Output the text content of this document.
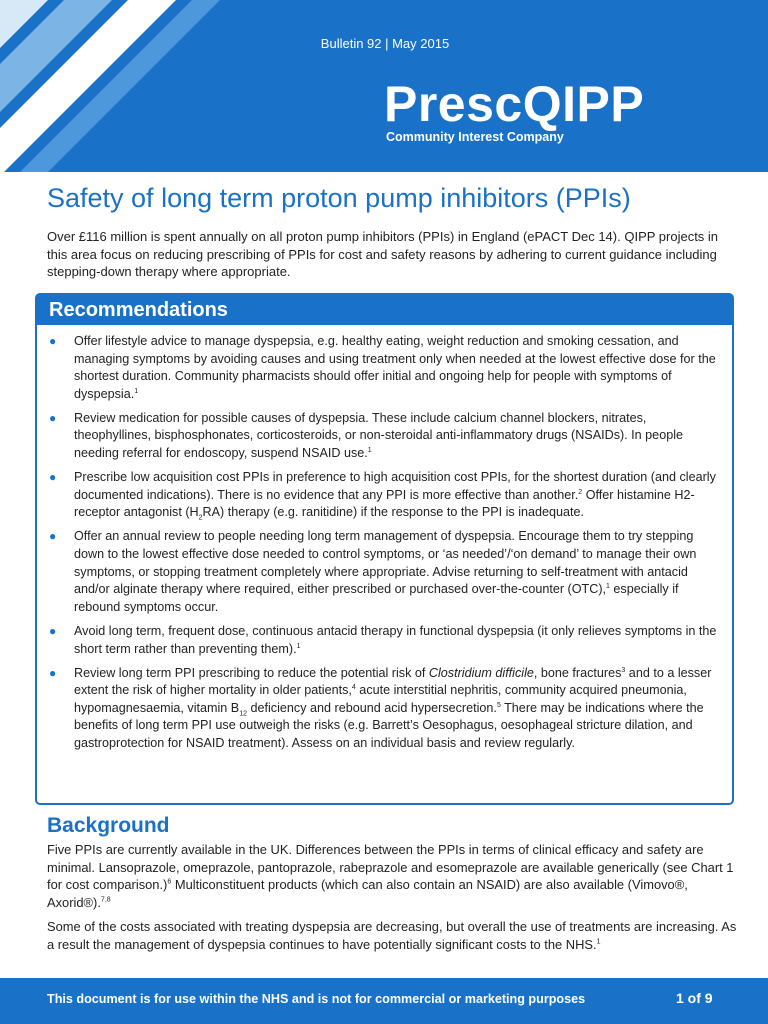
Bulletin 92 | May 2015
PrescQIPP
Community Interest Company
Safety of long term proton pump inhibitors (PPIs)
Over £116 million is spent annually on all proton pump inhibitors (PPIs) in England (ePACT Dec 14). QIPP projects in this area focus on reducing prescribing of PPIs for cost and safety reasons by adhering to current guidance including stepping-down therapy where appropriate.
Recommendations
● Offer lifestyle advice to manage dyspepsia, e.g. healthy eating, weight reduction and smoking cessation, and managing symptoms by avoiding causes and using treatment only when needed at the lowest effective dose for the shortest duration. Community pharmacists should offer initial and ongoing help for people with symptoms of dyspepsia.$^1$
● Review medication for possible causes of dyspepsia. These include calcium channel blockers, nitrates, theophyllines, bisphosphonates, corticosteroids, or non-steroidal anti-inflammatory drugs (NSAIDs). In people needing referral for endoscopy, suspend NSAID use.$^1$
● Prescribe low acquisition cost PPIs in preference to high acquisition cost PPIs, for the shortest duration (and clearly documented indications). There is no evidence that any PPI is more effective than another.$^2$ Offer histamine H2-receptor antagonist $(H_2RA)$ therapy (e.g. ranitidine) if the response to the PPI is inadequate.
● Offer an annual review to people needing long term management of dyspepsia. Encourage them to try stepping down to the lowest effective dose needed to control symptoms, or ‘as needed’/‘on demand’ to manage their own symptoms, or stopping treatment completely where appropriate. Advise returning to self-treatment with antacid and/or alginate therapy where required, either prescribed or purchased over-the-counter (OTC),$^1$ especially if rebound symptoms occur.
● Avoid long term, frequent dose, continuous antacid therapy in functional dyspepsia (it only relieves symptoms in the short term rather than preventing them).$^1$
● Review long term PPI prescribing to reduce the potential risk of Clostridium difficile, bone fractures$^3$ and to a lesser extent the risk of higher mortality in older patients,$^4$ acute interstitial nephritis, community acquired pneumonia, hypomagnesaemia, vitamin $B_{12}$ deficiency and rebound acid hypersecretion.$^5$ There may be indications where the benefits of long term PPI use outweigh the risks (e.g. Barrett’s Oesophagus, oesophageal stricture dilation, and gastroprotection for NSAID treatment). Assess on an individual basis and review regularly.
Background
Five PPIs are currently available in the UK. Differences between the PPIs in terms of clinical efficacy and safety are minimal. Lansoprazole, omeprazole, pantoprazole, rabeprazole and esomeprazole are available generically (see Chart 1 for cost comparison.)$^6$ Multiconstituent products (which can also contain an NSAID) are also available (Vimovo®, Axorid®).$^{7,8}$
Some of the costs associated with treating dyspepsia are decreasing, but overall the use of treatments are increasing. As a result the management of dyspepsia continues to have potentially significant costs to the NHS.$^1$
This document is for use within the NHS and is not for commercial or marketing purposes	1 of 9
